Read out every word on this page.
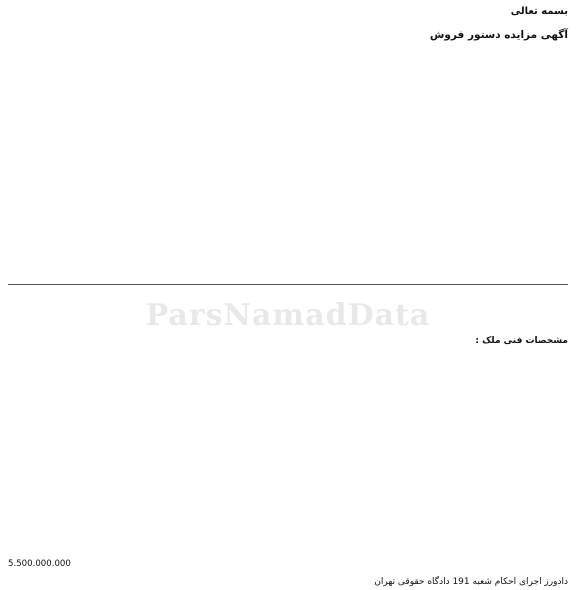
بسمه تعالی
آگهی مزایده دستور فروش

مشخصات فنی ملک :

5.500.000.000

دادورز اجرای احکام شعبه 191 دادگاه حقوقی تهران
ParsNamadData
